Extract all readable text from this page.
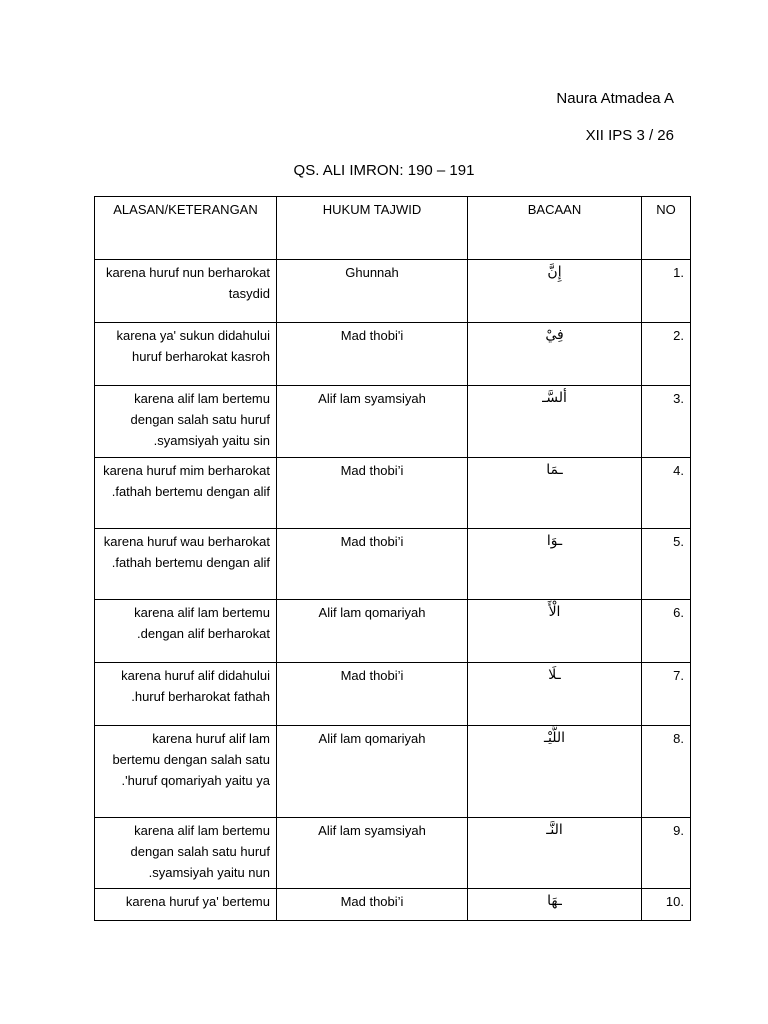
Naura Atmadea A
XII IPS 3 / 26
QS. ALI IMRON: 190 – 191
ALASAN/KETERANGAN	HUKUM TAJWID	BACAAN	NO
karena huruf nun berharokat tasydid	Ghunnah	إِنَّ	1.
karena ya' sukun didahului huruf berharokat kasroh	Mad thobi'i	فِيْ	2.
karena alif lam bertemu dengan salah satu huruf syamsiyah yaitu sin.	Alif lam syamsiyah	ألسَّـ	3.
karena huruf mim berharokat fathah bertemu dengan alif.	Mad thobi’i	ـمَا	4.
karena huruf wau berharokat fathah bertemu dengan alif.	Mad thobi’i	ـوَا	5.
karena alif lam bertemu dengan alif berharokat.	Alif lam qomariyah	الْأَ	6.
karena huruf alif didahului huruf berharokat fathah.	Mad thobi’i	ـلَا	7.
karena huruf alif lam bertemu dengan salah satu huruf qomariyah yaitu ya'.	Alif lam qomariyah	اللَّيْـ	8.
karena alif lam bertemu dengan salah satu huruf syamsiyah yaitu nun.	Alif lam syamsiyah	النَّـ	9.
karena huruf ya' bertemu	Mad thobi’i	ـهَا	10.
